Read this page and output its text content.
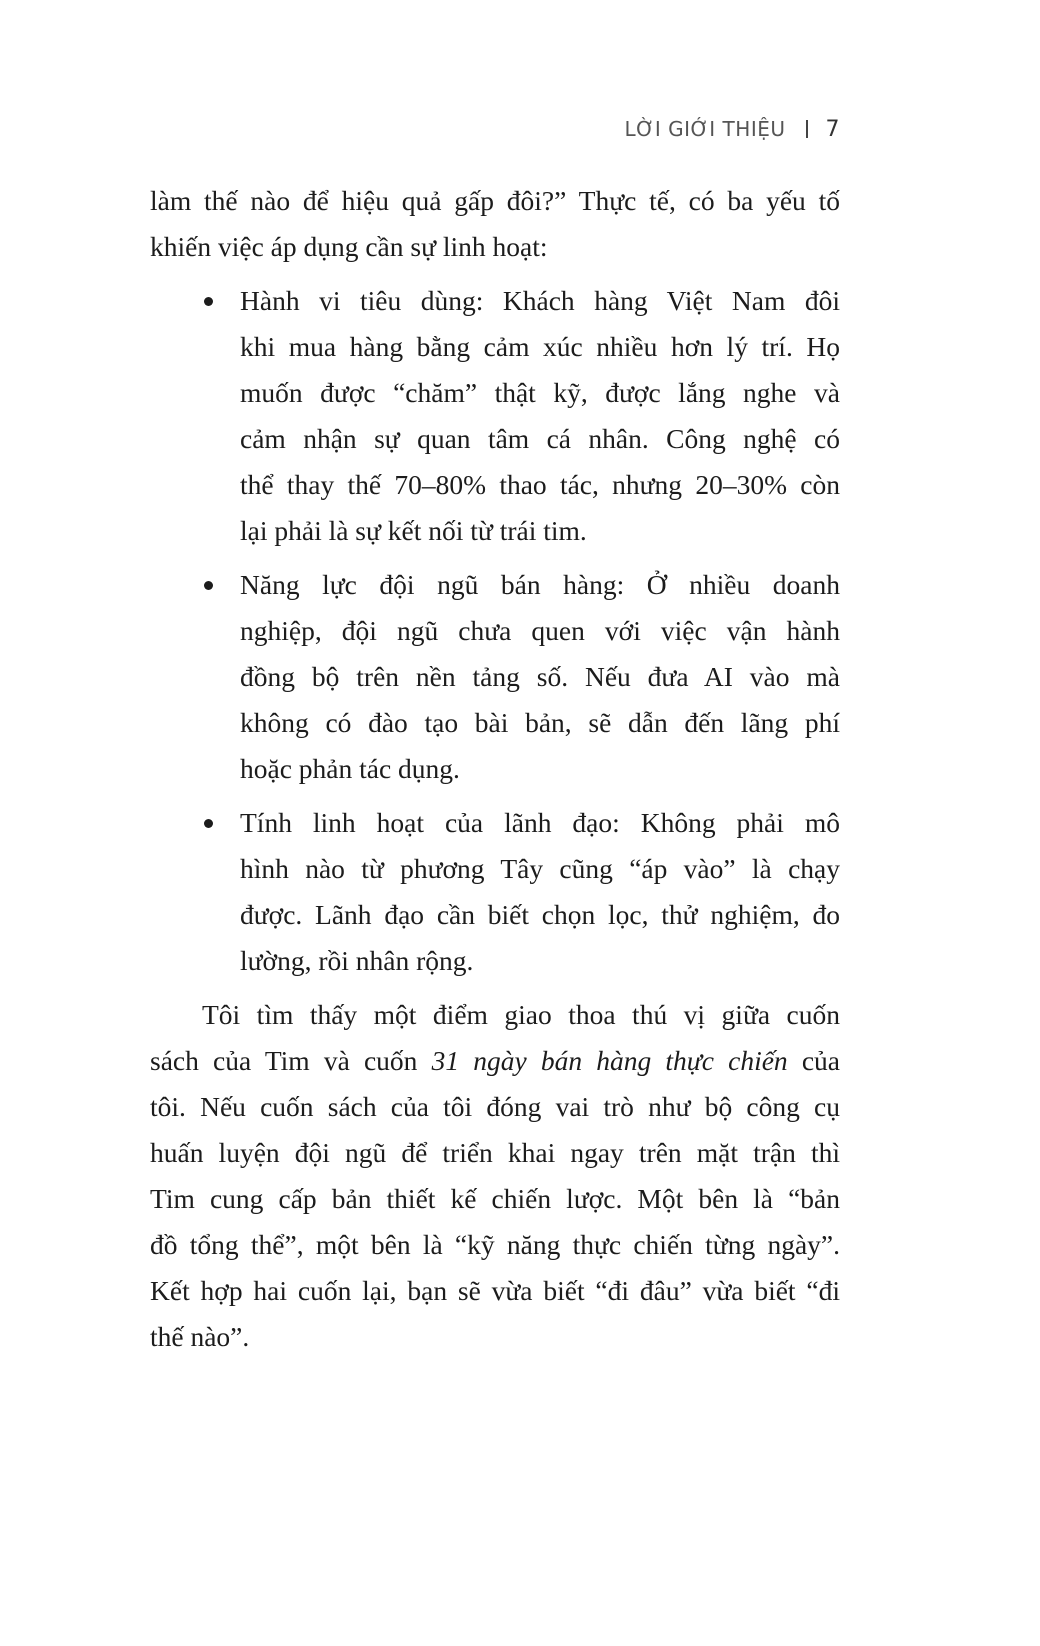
LỜI GIỚI THIỆU 7
làm thế nào để hiệu quả gấp đôi?” Thực tế, có ba yếu tố
khiến việc áp dụng cần sự linh hoạt:
Hành vi tiêu dùng: Khách hàng Việt Nam đôi
khi mua hàng bằng cảm xúc nhiều hơn lý trí. Họ
muốn được “chăm” thật kỹ, được lắng nghe và
cảm nhận sự quan tâm cá nhân. Công nghệ có
thể thay thế 70–80% thao tác, nhưng 20–30% còn
lại phải là sự kết nối từ trái tim.
Năng lực đội ngũ bán hàng: Ở nhiều doanh
nghiệp, đội ngũ chưa quen với việc vận hành
đồng bộ trên nền tảng số. Nếu đưa AI vào mà
không có đào tạo bài bản, sẽ dẫn đến lãng phí
hoặc phản tác dụng.
Tính linh hoạt của lãnh đạo: Không phải mô
hình nào từ phương Tây cũng “áp vào” là chạy
được. Lãnh đạo cần biết chọn lọc, thử nghiệm, đo
lường, rồi nhân rộng.
Tôi tìm thấy một điểm giao thoa thú vị giữa cuốn
sách của Tim và cuốn 31 ngày bán hàng thực chiến của
tôi. Nếu cuốn sách của tôi đóng vai trò như bộ công cụ
huấn luyện đội ngũ để triển khai ngay trên mặt trận thì
Tim cung cấp bản thiết kế chiến lược. Một bên là “bản
đồ tổng thể”, một bên là “kỹ năng thực chiến từng ngày”.
Kết hợp hai cuốn lại, bạn sẽ vừa biết “đi đâu” vừa biết “đi
thế nào”.
